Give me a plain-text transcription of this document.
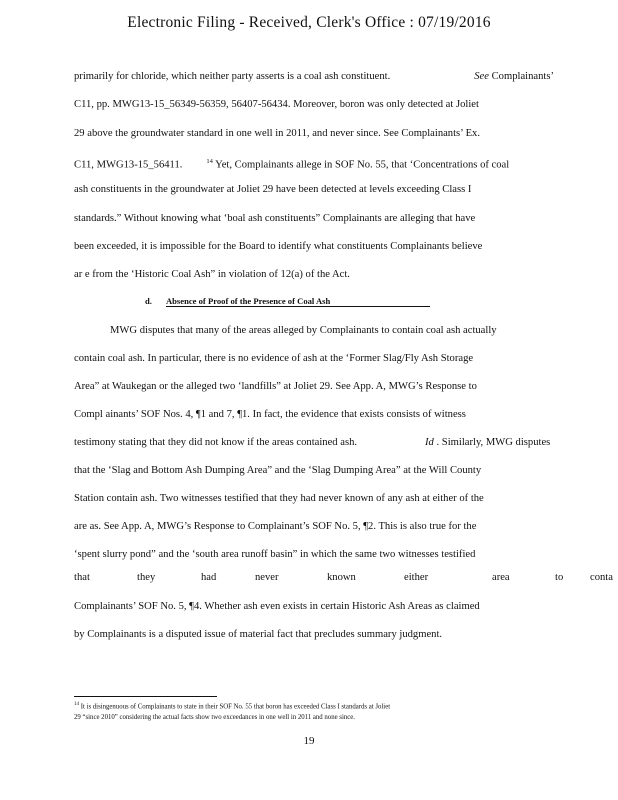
Electronic Filing - Received, Clerk's Office : 07/19/2016
primarily for chloride, which neither party asserts is a coal ash constituent.	See Complainants’
C11, pp. MWG13-15_56349-56359, 56407-56434. Moreover, boron was only detected at Joliet
29 above the groundwater standard in one well in 2011, and never since. See Complainants’ Ex.
C11, MWG13-15_56411.	$^{14}$ Yet, Complainants allege in SOF No. 55, that ‘Concentrations of coal
ash constituents in the groundwater at Joliet 29 have been detected at levels exceeding Class I
standards.” Without knowing what ‘boal ash constituents” Complainants are alleging that have
been exceeded, it is impossible for the Board to identify what constituents Complainants believe
ar e from the ‘Historic Coal Ash” in violation of 12(a) of the Act.
d. Absence of Proof of the Presence of Coal Ash
MWG disputes that many of the areas alleged by Complainants to contain coal ash actually
contain coal ash. In particular, there is no evidence of ash at the ‘Former Slag/Fly Ash Storage
Area” at Waukegan or the alleged two ‘landfills” at Joliet 29. See App. A, MWG’s Response to
Compl ainants’ SOF Nos. 4, ¶1 and 7, ¶1. In fact, the evidence that exists consists of witness
testimony stating that they did not know if the areas contained ash.	Id . Similarly, MWG disputes
that the ‘Slag and Bottom Ash Dumping Area” and the ‘Slag Dumping Area” at the Will County
Station contain ash. Two witnesses testified that they had never known of any ash at either of the
are as. See App. A, MWG’s Response to Complainant’s SOF No. 5, ¶2. This is also true for the
‘spent slurry pond” and the ‘south area runoff basin” in which the same two witnesses testified
that	they	had	never	known	either	area	to	conta
Complainants’ SOF No. 5, ¶4. Whether ash even exists in certain Historic Ash Areas as claimed
by Complainants is a disputed issue of material fact that precludes summary judgment.
$^{14}$ It is disingenuous of Complainants to state in their SOF No. 55 that boron has exceeded Class I standards at Joliet
29 “since 2010” considering the actual facts show two exceedances in one well in 2011 and none since.
19
